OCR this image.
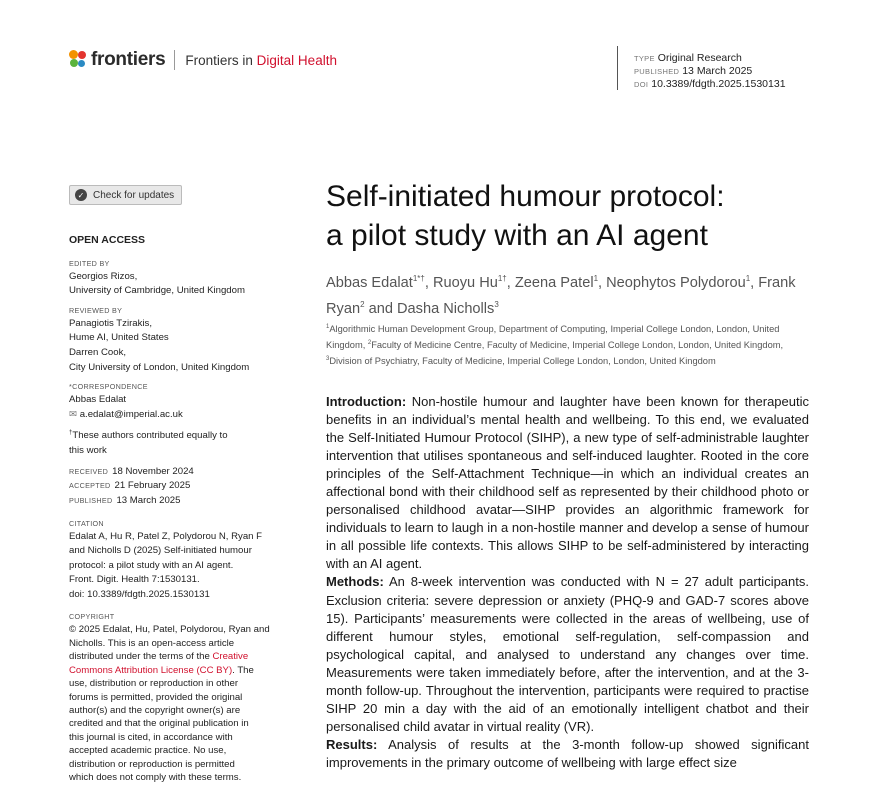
frontiers Frontiers in Digital Health	TYPE Original Research
PUBLISHED 13 March 2025
DOI 10.3389/fdgth.2025.1530131
✓ Check for updates
OPEN ACCESS
EDITED BY

Georgios Rizos,

University of Cambridge, United Kingdom

REVIEWED BY

Panagiotis Tzirakis,

Hume AI, United States

Darren Cook,

City University of London, United Kingdom

*CORRESPONDENCE

Abbas Edalat

✉ a.edalat@imperial.ac.uk

†These authors contributed equally to

this work

RECEIVED 18 November 2024

ACCEPTED 21 February 2025

PUBLISHED 13 March 2025

CITATION

Edalat A, Hu R, Patel Z, Polydorou N, Ryan F

and Nicholls D (2025) Self-initiated humour

protocol: a pilot study with an AI agent.

Front. Digit. Health 7:1530131.

doi: 10.3389/fdgth.2025.1530131

COPYRIGHT

© 2025 Edalat, Hu, Patel, Polydorou, Ryan and

Nicholls. This is an open-access article

distributed under the terms of the Creative

Commons Attribution License (CC BY). The

use, distribution or reproduction in other

forums is permitted, provided the original

author(s) and the copyright owner(s) are

credited and that the original publication in

this journal is cited, in accordance with

accepted academic practice. No use,

distribution or reproduction is permitted

which does not comply with these terms.

Self-initiated humour protocol:
a pilot study with an AI agent
Abbas Edalat$^{1*\dagger}$, Ruoyu $Hu^{1\dagger}$, Zeena Patel$^1$, Neophytos Polydorou$^1$, Frank Ryan$^2$ and Dasha Nicholls$^3$
$^1$Algorithmic Human Development Group, Department of Computing, Imperial College London, London, United Kingdom, $^2$Faculty of Medicine Centre, Faculty of Medicine, Imperial College London, London, United Kingdom, $^3$Division of Psychiatry, Faculty of Medicine, Imperial College London, London, United Kingdom

Introduction: Non-hostile humour and laughter have been known for therapeutic benefits in an individual’s mental health and wellbeing. To this end, we evaluated the Self-Initiated Humour Protocol (SIHP), a new type of self-administrable laughter intervention that utilises spontaneous and self-induced laughter. Rooted in the core principles of the Self-Attachment Technique—in which an individual creates an affectional bond with their childhood self as represented by their childhood photo or personalised childhood avatar—SIHP provides an algorithmic framework for individuals to learn to laugh in a non-hostile manner and develop a sense of humour in all possible life contexts. This allows SIHP to be self-administered by interacting with an AI agent.

Methods: An 8-week intervention was conducted with N = 27 adult participants. Exclusion criteria: severe depression or anxiety (PHQ-9 and GAD-7 scores above 15). Participants’ measurements were collected in the areas of wellbeing, use of different humour styles, emotional self-regulation, self-compassion and psychological capital, and analysed to understand any changes over time. Measurements were taken immediately before, after the intervention, and at the 3-month follow-up. Throughout the intervention, participants were required to practise SIHP 20 min a day with the aid of an emotionally intelligent chatbot and their personalised child avatar in virtual reality (VR).

Results: Analysis of results at the 3-month follow-up showed significant improvements in the primary outcome of wellbeing with large effect size
